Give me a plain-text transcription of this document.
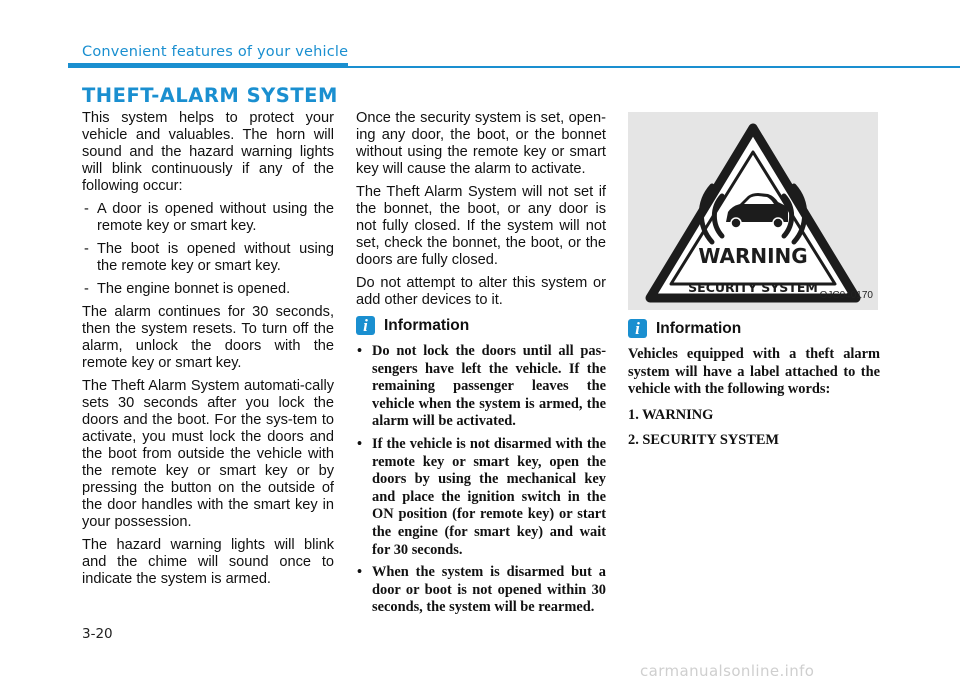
Convenient features of your vehicle
THEFT-ALARM SYSTEM

This system helps to protect your vehicle and valuables. The horn will sound and the hazard warning lights will blink continuously if any of the following occur:

- A door is opened without using the remote key or smart key.
- The boot is opened without using the remote key or smart key.
- The engine bonnet is opened.

The alarm continues for 30 seconds, then the system resets. To turn off the alarm, unlock the doors with the remote key or smart key.

The Theft Alarm System automati-cally sets 30 seconds after you lock the doors and the boot. For the sys-tem to activate, you must lock the doors and the boot from outside the vehicle with the remote key or smart key or by pressing the button on the outside of the door handles with the smart key in your possession.

The hazard warning lights will blink and the chime will sound once to indicate the system is armed.

Once the security system is set, open-ing any door, the boot, or the bonnet without using the remote key or smart key will cause the alarm to activate.

The Theft Alarm System will not set if the bonnet, the boot, or any door is not fully closed. If the system will not set, check the bonnet, the boot, or the doors are fully closed.

Do not attempt to alter this system or add other devices to it.

i	Information
• Do not lock the doors until all pas-sengers have left the vehicle. If the remaining passenger leaves the vehicle when the system is armed, the alarm will be activated.
• If the vehicle is not disarmed with the remote key or smart key, open the doors by using the mechanical key and place the ignition switch in the ON position (for remote key) or start the engine (for smart key) and wait for 30 seconds.
• When the system is disarmed but a door or boot is not opened within 30 seconds, the system will be rearmed.
WARNING
SECURITY SYSTEM
OJC040170
i	Information

Vehicles equipped with a theft alarm system will have a label attached to the vehicle with the following words:

1. WARNING

2. SECURITY SYSTEM

3-20
carmanualsonline.info
